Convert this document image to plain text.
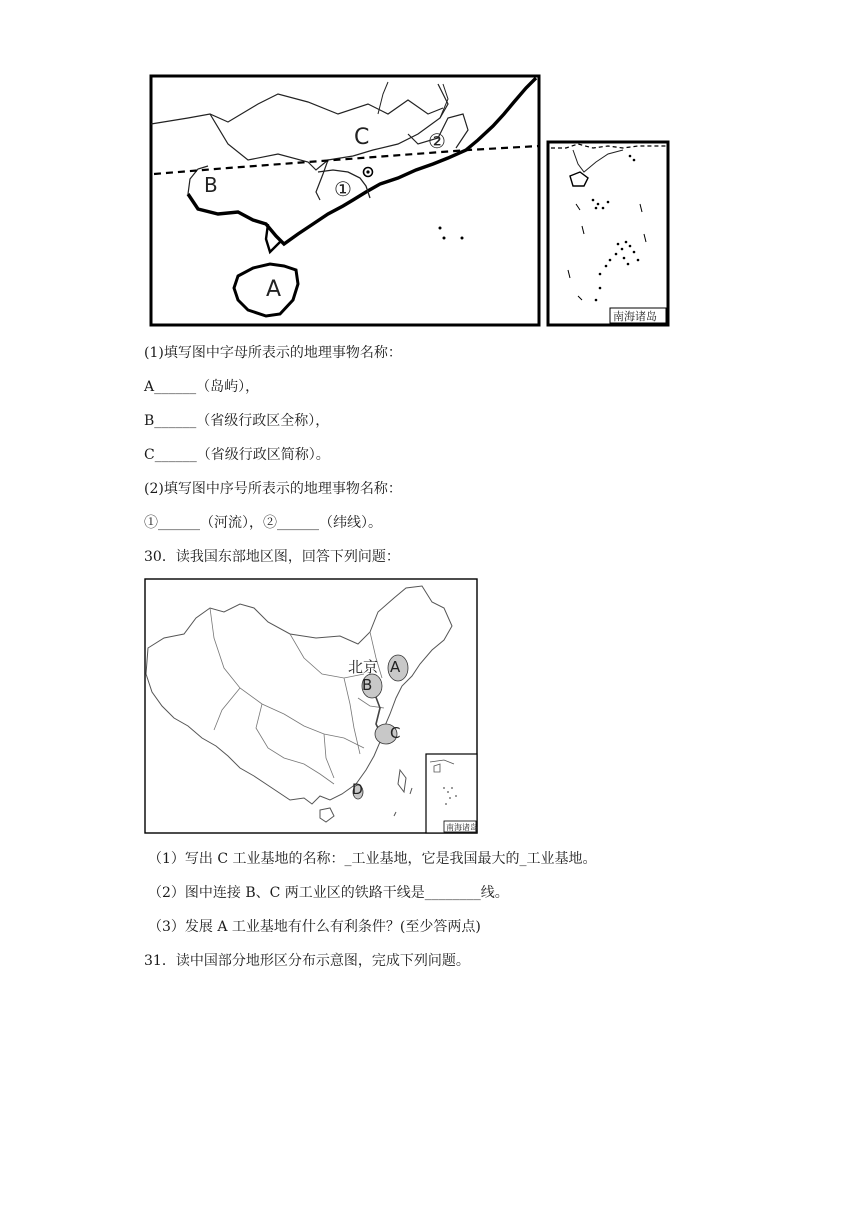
A
B
C
①
②
南海诸岛
(1)填写图中字母所表示的地理事物名称：
A______（岛屿），
B______（省级行政区全称），
C______（省级行政区简称）。
(2)填写图中序号所表示的地理事物名称：
①______（河流），②______（纬线）。
30．读我国东部地区图，回答下列问题：
北京 A
B
C
D
南海诸岛
（1）写出 C 工业基地的名称：_工业基地，它是我国最大的_工业基地。
（2）图中连接 B、C 两工业区的铁路干线是________线。
（3）发展 A 工业基地有什么有利条件？(至少答两点)
31．读中国部分地形区分布示意图，完成下列问题。
